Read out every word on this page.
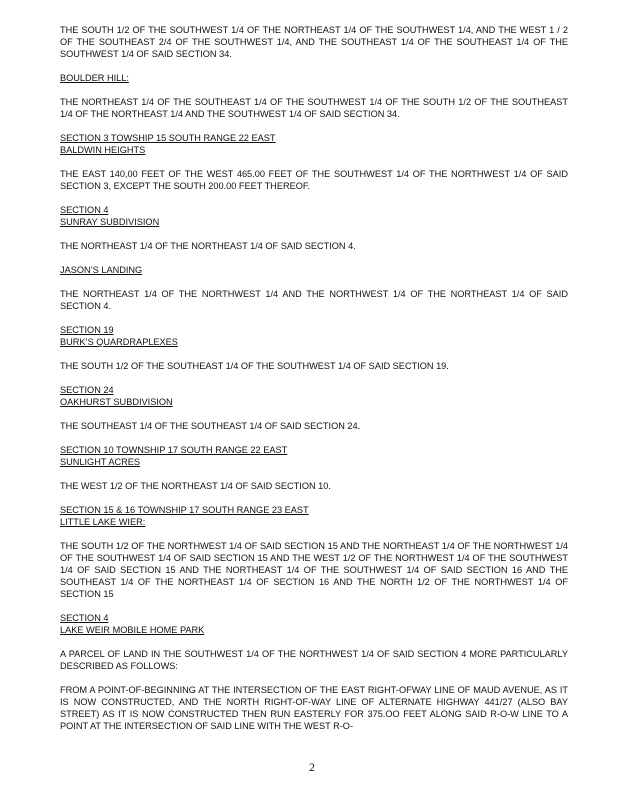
THE SOUTH 1/2 OF THE SOUTHWEST 1/4 OF THE NORTHEAST 1/4 OF THE SOUTHWEST 1/4, AND THE WEST 1 / 2 OF THE SOUTHEAST 2/4 OF THE SOUTHWEST 1/4, AND THE SOUTHEAST 1/4 OF THE SOUTHEAST 1/4 OF THE SOUTHWEST 1/4 OF SAID SECTION 34.

BOULDER HILL:

THE NORTHEAST 1/4 OF THE SOUTHEAST 1/4 OF THE SOUTHWEST 1/4 OF THE SOUTH 1/2 OF THE SOUTHEAST 1/4 OF THE NORTHEAST 1/4 AND THE SOUTHWEST 1/4 OF SAID SECTION 34.

SECTION 3 TOWSHIP 15 SOUTH RANGE 22 EAST
BALDWIN HEIGHTS

THE EAST 140,00 FEET OF THE WEST 465.00 FEET OF THE SOUTHWEST 1/4 OF THE NORTHWEST 1/4 OF SAID SECTION 3, EXCEPT THE SOUTH 200.00 FEET THEREOF.

SECTION 4
SUNRAY SUBDIVISION

THE NORTHEAST 1/4 OF THE NORTHEAST 1/4 OF SAID SECTION 4.

JASON’S LANDING

THE NORTHEAST 1/4 OF THE NORTHWEST 1/4 AND THE NORTHWEST 1/4 OF THE NORTHEAST 1/4 OF SAID SECTION 4.

SECTION 19
BURK’S QUARDRAPLEXES

THE SOUTH 1/2 OF THE SOUTHEAST 1/4 OF THE SOUTHWEST 1/4 OF SAID SECTION 19.

SECTION 24
OAKHURST SUBDIVISION

THE SOUTHEAST 1/4 OF THE SOUTHEAST 1/4 OF SAID SECTION 24.

SECTION 10 TOWNSHIP 17 SOUTH RANGE 22 EAST
SUNLIGHT ACRES

THE WEST 1/2 OF THE NORTHEAST 1/4 OF SAID SECTION 10.

SECTION 15 & 16 TOWNSHIP 17 SOUTH RANGE 23 EAST
LITTLE LAKE WIER:

THE SOUTH 1/2 OF THE NORTHWEST 1/4 OF SAID SECTION 15 AND THE NORTHEAST 1/4 OF THE NORTHWEST 1/4 OF THE SOUTHWEST 1/4 OF SAID SECTION 15 AND THE WEST 1/2 OF THE NORTHWEST 1/4 OF THE SOUTHWEST 1/4 OF SAID SECTION 15 AND THE NORTHEAST 1/4 OF THE SOUTHWEST 1/4 OF SAID SECTION 16 AND THE SOUTHEAST 1/4 OF THE NORTHEAST 1/4 OF SECTION 16 AND THE NORTH 1/2 OF THE NORTHWEST 1/4 OF SECTION 15

SECTION 4
LAKE WEIR MOBILE HOME PARK

A PARCEL OF LAND IN THE SOUTHWEST 1/4 OF THE NORTHWEST 1/4 OF SAID SECTION 4 MORE PARTICULARLY DESCRIBED AS FOLLOWS:

FROM A POINT-OF-BEGINNING AT THE INTERSECTION OF THE EAST RIGHT-OFWAY LINE OF MAUD AVENUE, AS IT IS NOW CONSTRUCTED, AND THE NORTH RIGHT-OF-WAY LINE OF ALTERNATE HIGHWAY 441/27 (ALSO BAY STREET) AS IT IS NOW CONSTRUCTED THEN RUN EASTERLY FOR 375.OO FEET ALONG SAID R-O-W LINE TO A POINT AT THE INTERSECTION OF SAID LINE WITH THE WEST R-O-

2
